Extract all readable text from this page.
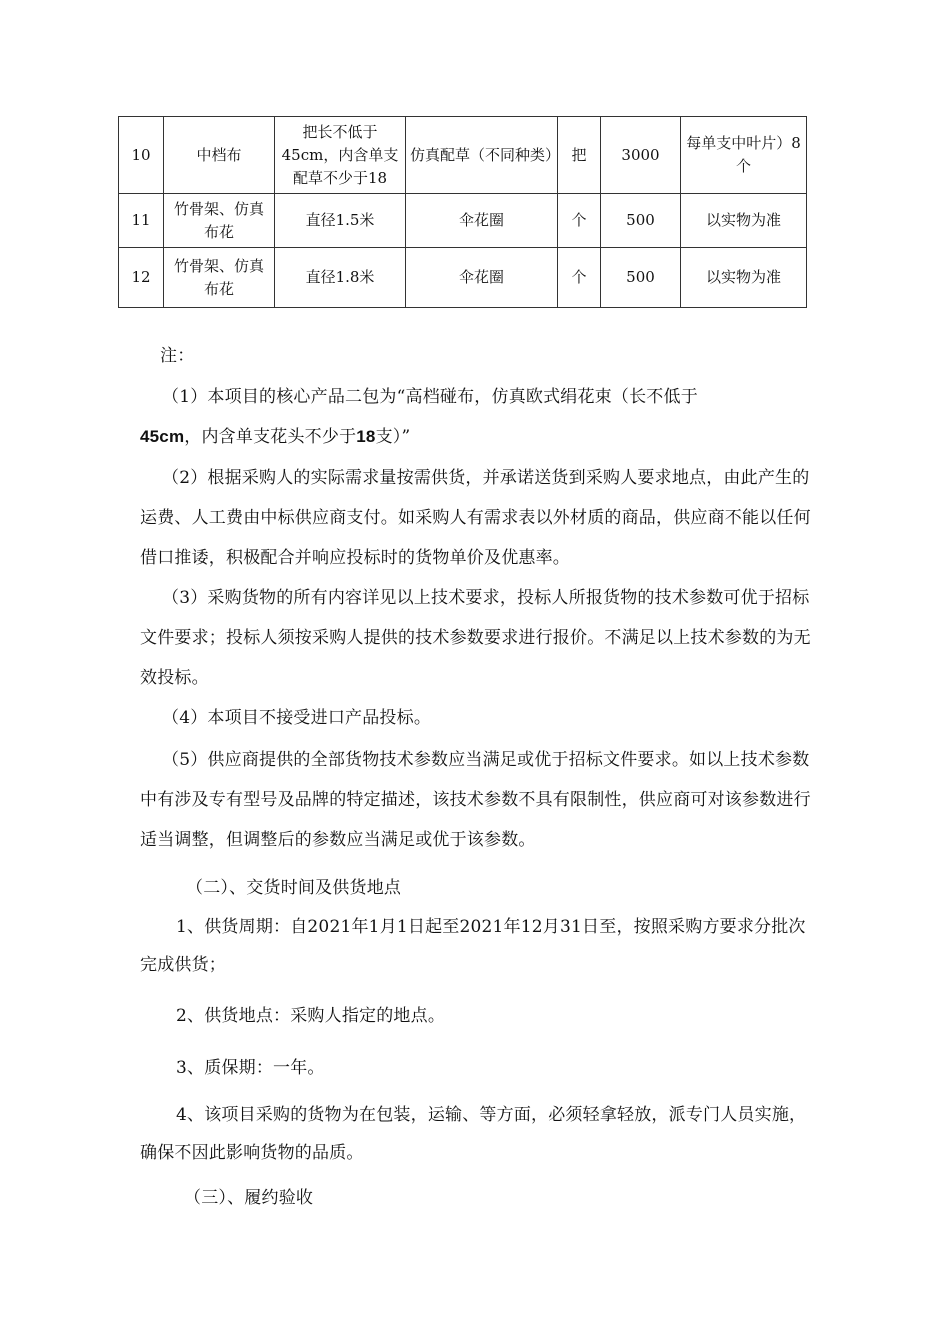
10	中档布	把长不低于45cm，内含单支配草不少于18	仿真配草（不同种类）	把	3000	每单支中叶片）8个
11	竹骨架、仿真布花	直径1.5米	伞花圈	个	500	以实物为准
12	竹骨架、仿真布花	直径1.8米	伞花圈	个	500	以实物为准
注：
（1）本项目的核心产品二包为“高档碰布，仿真欧式绢花束（长不低于
45cm，内含单支花头不少于18支）”
（2）根据采购人的实际需求量按需供货，并承诺送货到采购人要求地点，由此产生的运费、人工费由中标供应商支付。如采购人有需求表以外材质的商品，供应商不能以任何借口推诿，积极配合并响应投标时的货物单价及优惠率。
（3）采购货物的所有内容详见以上技术要求，投标人所报货物的技术参数可优于招标文件要求；投标人须按采购人提供的技术参数要求进行报价。不满足以上技术参数的为无效投标。
（4）本项目不接受进口产品投标。
（5）供应商提供的全部货物技术参数应当满足或优于招标文件要求。如以上技术参数中有涉及专有型号及品牌的特定描述，该技术参数不具有限制性，供应商可对该参数进行适当调整，但调整后的参数应当满足或优于该参数。
（二）、交货时间及供货地点
1、供货周期：自2021年1月1日起至2021年12月31日至，按照采购方要求分批次完成供货；
2、供货地点：采购人指定的地点。
3、质保期：一年。
4、该项目采购的货物为在包装，运输、等方面，必须轻拿轻放，派专门人员实施，确保不因此影响货物的品质。
（三）、履约验收
